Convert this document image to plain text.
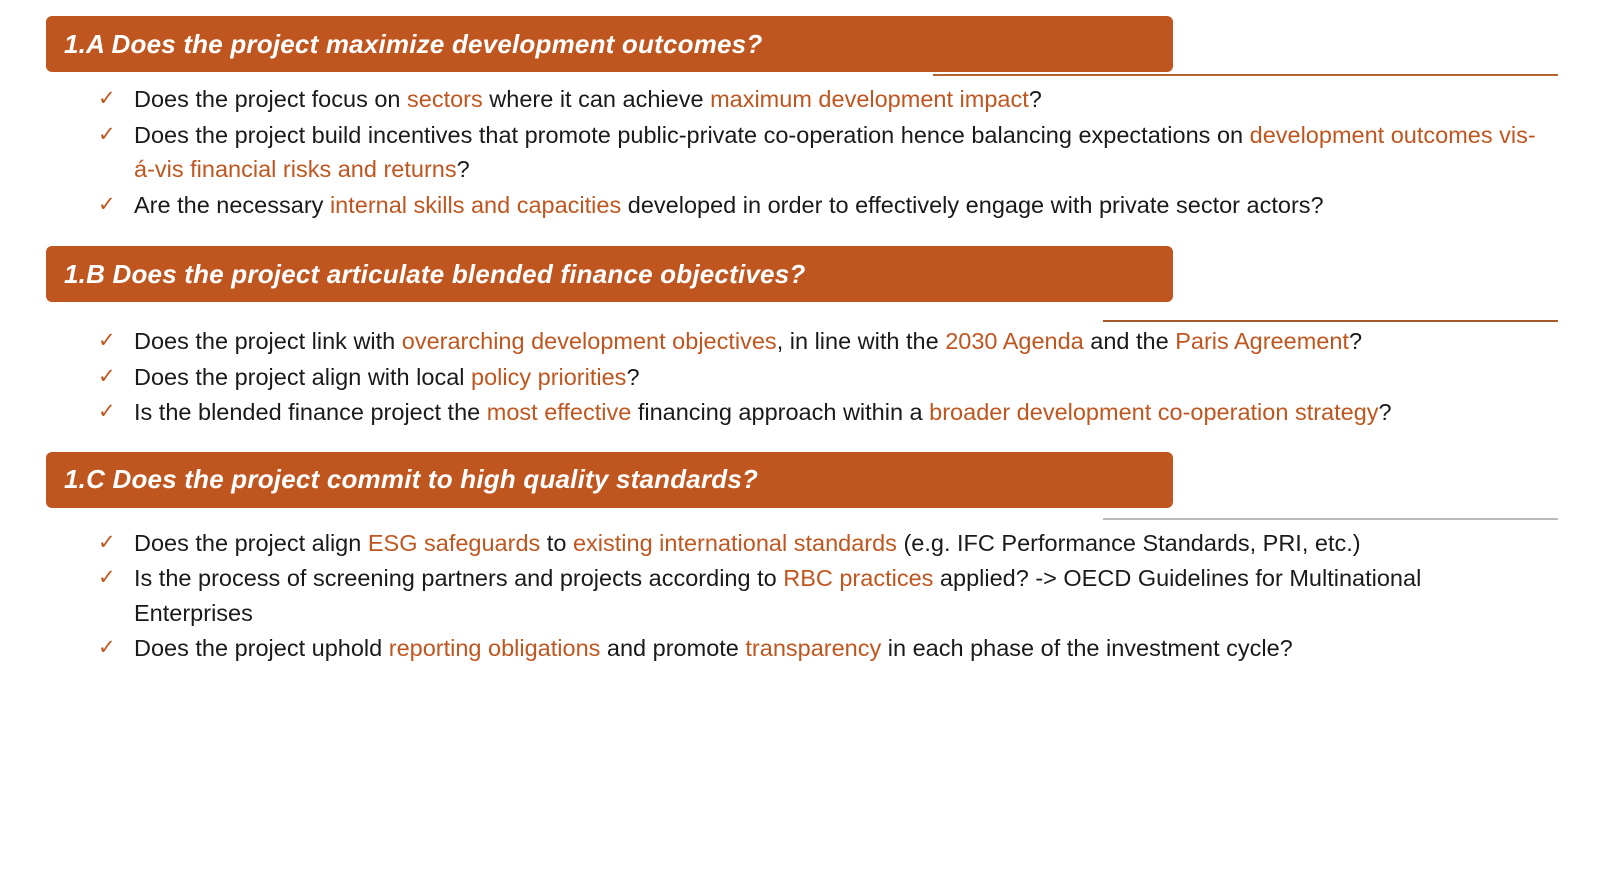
1.A Does the project maximize development outcomes?
✓ Does the project focus on sectors where it can achieve maximum development impact?
✓ Does the project build incentives that promote public-private co-operation hence balancing expectations on development outcomes vis-á-vis financial risks and returns?
✓ Are the necessary internal skills and capacities developed in order to effectively engage with private sector actors?
1.B Does the project articulate blended finance objectives?
✓ Does the project link with overarching development objectives, in line with the 2030 Agenda and the Paris Agreement?
✓ Does the project align with local policy priorities?
✓ Is the blended finance project the most effective financing approach within a broader development co-operation strategy?
1.C Does the project commit to high quality standards?
✓ Does the project align ESG safeguards to existing international standards (e.g. IFC Performance Standards, PRI, etc.)
✓ Is the process of screening partners and projects according to RBC practices applied? -> OECD Guidelines for Multinational Enterprises
✓ Does the project uphold reporting obligations and promote transparency in each phase of the investment cycle?
